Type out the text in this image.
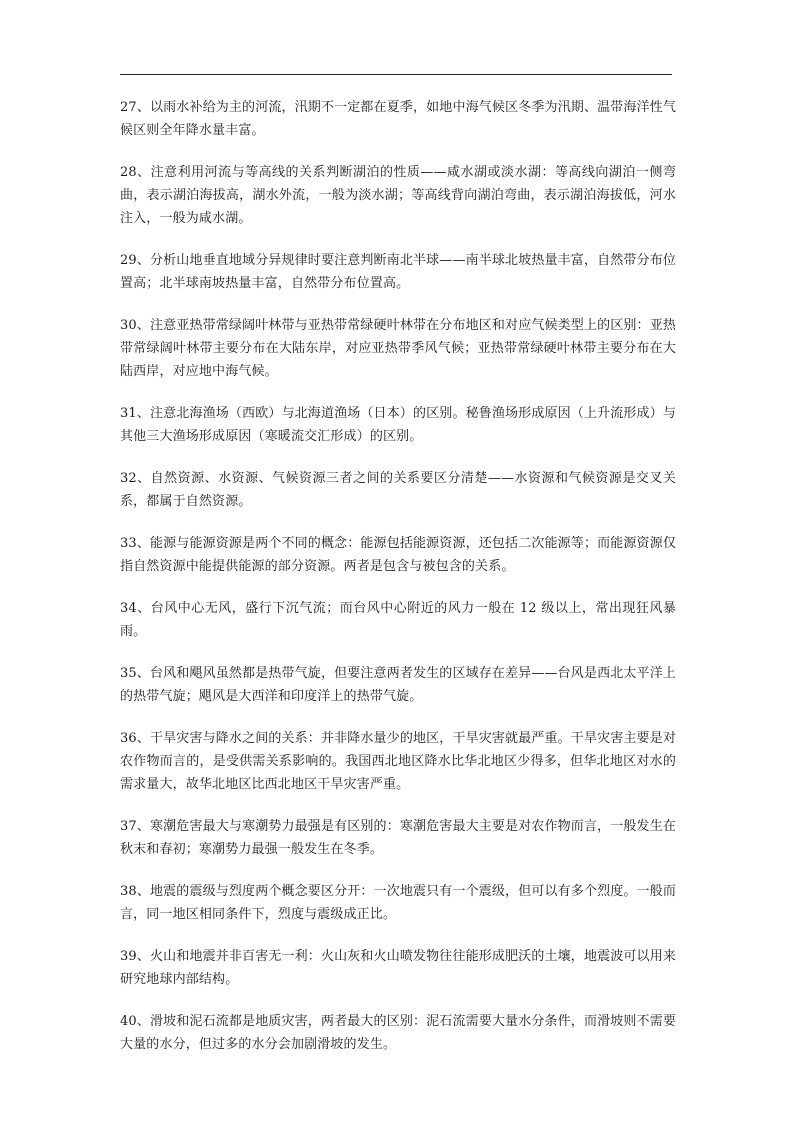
27、以雨水补给为主的河流，汛期不一定都在夏季，如地中海气候区冬季为汛期、温带海洋性气候区则全年降水量丰富。

28、注意利用河流与等高线的关系判断湖泊的性质——咸水湖或淡水湖：等高线向湖泊一侧弯曲，表示湖泊海拔高，湖水外流，一般为淡水湖；等高线背向湖泊弯曲，表示湖泊海拔低，河水注入，一般为咸水湖。

29、分析山地垂直地域分异规律时要注意判断南北半球——南半球北坡热量丰富，自然带分布位置高；北半球南坡热量丰富，自然带分布位置高。

30、注意亚热带常绿阔叶林带与亚热带常绿硬叶林带在分布地区和对应气候类型上的区别：亚热带常绿阔叶林带主要分布在大陆东岸，对应亚热带季风气候；亚热带常绿硬叶林带主要分布在大陆西岸，对应地中海气候。

31、注意北海渔场（西欧）与北海道渔场（日本）的区别。秘鲁渔场形成原因（上升流形成）与其他三大渔场形成原因（寒暖流交汇形成）的区别。

32、自然资源、水资源、气候资源三者之间的关系要区分清楚——水资源和气候资源是交叉关系，都属于自然资源。

33、能源与能源资源是两个不同的概念：能源包括能源资源，还包括二次能源等；而能源资源仅指自然资源中能提供能源的部分资源。两者是包含与被包含的关系。

34、台风中心无风，盛行下沉气流；而台风中心附近的风力一般在 12 级以上，常出现狂风暴雨。

35、台风和飓风虽然都是热带气旋，但要注意两者发生的区域存在差异——台风是西北太平洋上的热带气旋；飓风是大西洋和印度洋上的热带气旋。

36、干旱灾害与降水之间的关系：并非降水量少的地区，干旱灾害就最严重。干旱灾害主要是对农作物而言的，是受供需关系影响的。我国西北地区降水比华北地区少得多，但华北地区对水的需求量大，故华北地区比西北地区干旱灾害严重。

37、寒潮危害最大与寒潮势力最强是有区别的：寒潮危害最大主要是对农作物而言，一般发生在秋末和春初；寒潮势力最强一般发生在冬季。

38、地震的震级与烈度两个概念要区分开：一次地震只有一个震级，但可以有多个烈度。一般而言，同一地区相同条件下，烈度与震级成正比。

39、火山和地震并非百害无一利：火山灰和火山喷发物往往能形成肥沃的土壤，地震波可以用来研究地球内部结构。

40、滑坡和泥石流都是地质灾害，两者最大的区别：泥石流需要大量水分条件，而滑坡则不需要大量的水分，但过多的水分会加剧滑坡的发生。
